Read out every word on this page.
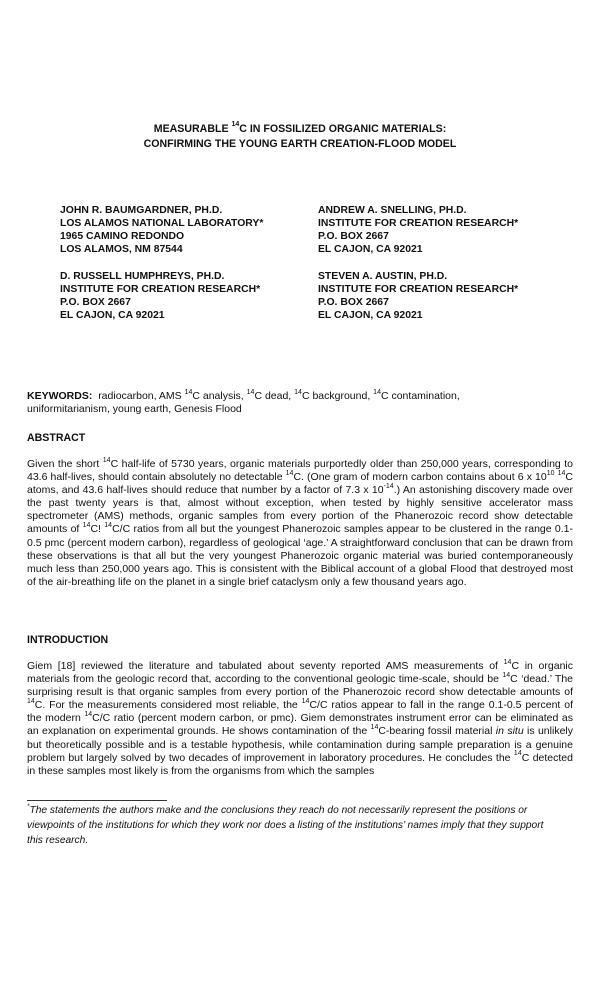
MEASURABLE $^{14}$C IN FOSSILIZED ORGANIC MATERIALS:
CONFIRMING THE YOUNG EARTH CREATION-FLOOD MODEL
JOHN R. BAUMGARDNER, PH.D.
LOS ALAMOS NATIONAL LABORATORY*
1965 CAMINO REDONDO
LOS ALAMOS, NM 87544
ANDREW A. SNELLING, PH.D.
INSTITUTE FOR CREATION RESEARCH*
P.O. BOX 2667
EL CAJON, CA 92021
D. RUSSELL HUMPHREYS, PH.D.
INSTITUTE FOR CREATION RESEARCH*
P.O. BOX 2667
EL CAJON, CA 92021
STEVEN A. AUSTIN, PH.D.
INSTITUTE FOR CREATION RESEARCH*
P.O. BOX 2667
EL CAJON, CA 92021
KEYWORDS: radiocarbon, AMS $^{14}$C analysis, $^{14}$C dead, $^{14}$C background, $^{14}$C contamination,
uniformitarianism, young earth, Genesis Flood
ABSTRACT
Given the short $^{14}$C half-life of 5730 years, organic materials purportedly older than 250,000 years, corresponding to 43.6 half-lives, should contain absolutely no detectable $^{14}$C. (One gram of modern carbon contains about 6 x $10^{10}$ $^{14}$C atoms, and 43.6 half-lives should reduce that number by a factor of 7.3 x $10^{-14}$.) An astonishing discovery made over the past twenty years is that, almost without exception, when tested by highly sensitive accelerator mass spectrometer (AMS) methods, organic samples from every portion of the Phanerozoic record show detectable amounts of $^{14}$C! $^{14}$C/C ratios from all but the youngest Phanerozoic samples appear to be clustered in the range 0.1-0.5 pmc (percent modern carbon), regardless of geological ‘age.’ A straightforward conclusion that can be drawn from these observations is that all but the very youngest Phanerozoic organic material was buried contemporaneously much less than 250,000 years ago. This is consistent with the Biblical account of a global Flood that destroyed most of the air-breathing life on the planet in a single brief cataclysm only a few thousand years ago.
INTRODUCTION
Giem [18] reviewed the literature and tabulated about seventy reported AMS measurements of $^{14}$C in organic materials from the geologic record that, according to the conventional geologic time-scale, should be $^{14}$C ‘dead.’ The surprising result is that organic samples from every portion of the Phanerozoic record show detectable amounts of $^{14}$C. For the measurements considered most reliable, the $^{14}$C/C ratios appear to fall in the range 0.1-0.5 percent of the modern $^{14}$C/C ratio (percent modern carbon, or pmc). Giem demonstrates instrument error can be eliminated as an explanation on experimental grounds. He shows contamination of the $^{14}$C-bearing fossil material in situ is unlikely but theoretically possible and is a testable hypothesis, while contamination during sample preparation is a genuine problem but largely solved by two decades of improvement in laboratory procedures. He concludes the $^{14}$C detected in these samples most likely is from the organisms from which the samples
*The statements the authors make and the conclusions they reach do not necessarily represent the positions or viewpoints of the institutions for which they work nor does a listing of the institutions’ names imply that they support this research.
